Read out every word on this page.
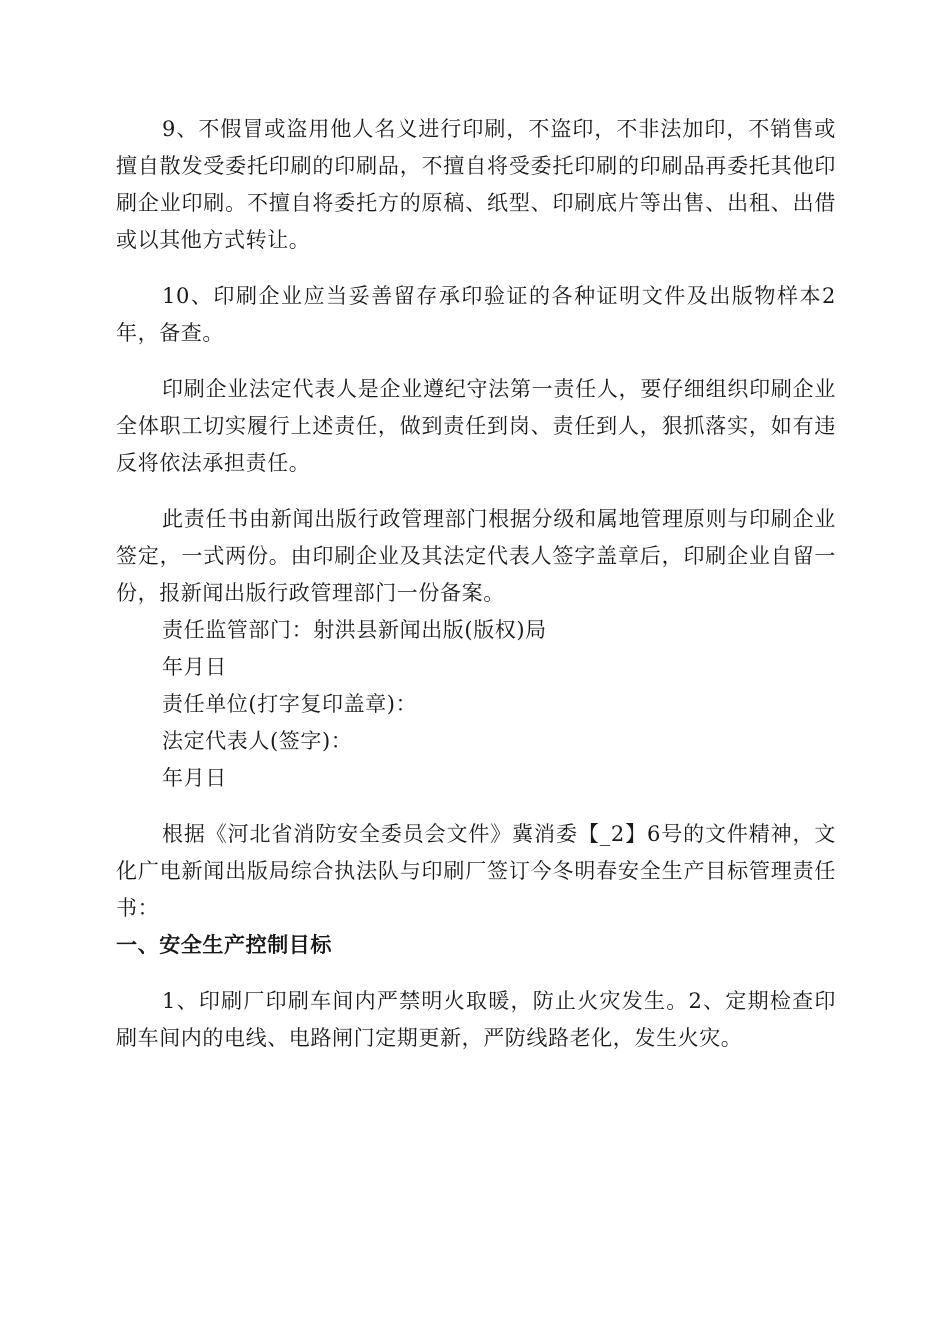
9、不假冒或盗用他人名义进行印刷，不盗印，不非法加印，不销售或擅自散发受委托印刷的印刷品，不擅自将受委托印刷的印刷品再委托其他印刷企业印刷。不擅自将委托方的原稿、纸型、印刷底片等出售、出租、出借或以其他方式转让。

10、印刷企业应当妥善留存承印验证的各种证明文件及出版物样本2年，备查。

印刷企业法定代表人是企业遵纪守法第一责任人，要仔细组织印刷企业全体职工切实履行上述责任，做到责任到岗、责任到人，狠抓落实，如有违反将依法承担责任。

此责任书由新闻出版行政管理部门根据分级和属地管理原则与印刷企业签定，一式两份。由印刷企业及其法定代表人签字盖章后，印刷企业自留一份，报新闻出版行政管理部门一份备案。

责任监管部门：射洪县新闻出版(版权)局

年月日

责任单位(打字复印盖章)：

法定代表人(签字)：

年月日

根据《河北省消防安全委员会文件》冀消委【_2】6号的文件精神，文化广电新闻出版局综合执法队与印刷厂签订今冬明春安全生产目标管理责任书：

一、安全生产控制目标

1、印刷厂印刷车间内严禁明火取暖，防止火灾发生。2、定期检查印刷车间内的电线、电路闸门定期更新，严防线路老化，发生火灾。
